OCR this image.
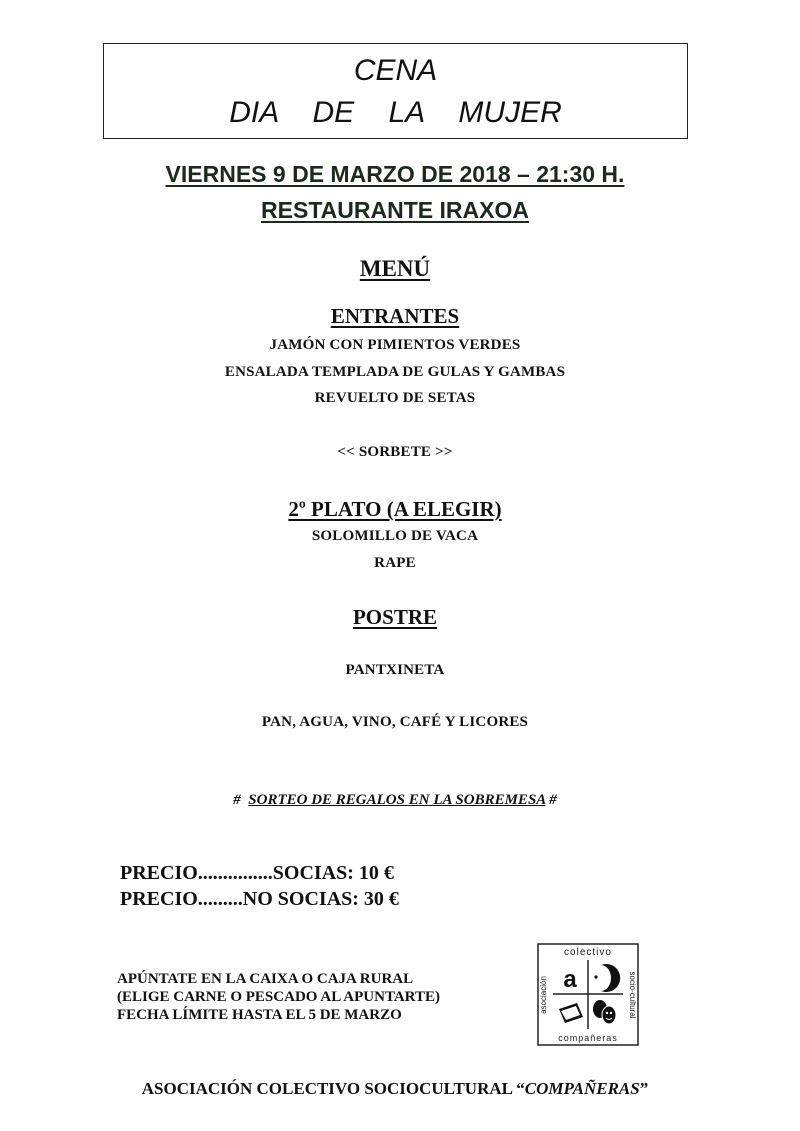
CENA
DIA DE LA MUJER
VIERNES 9 DE MARZO DE 2018 – 21:30 H.
RESTAURANTE IRAXOA
MENÚ
ENTRANTES
JAMÓN CON PIMIENTOS VERDES
ENSALADA TEMPLADA DE GULAS Y GAMBAS
REVUELTO DE SETAS
<< SORBETE >>
2º PLATO (A ELEGIR)
SOLOMILLO DE VACA
RAPE
POSTRE
PANTXINETA
PAN, AGUA, VINO, CAFÉ Y LICORES
# SORTEO DE REGALOS EN LA SOBREMESA #
PRECIO...............SOCIAS: 10 €
PRECIO.........NO SOCIAS: 30 €
APÚNTATE EN LA CAIXA O CAJA RURAL
(ELIGE CARNE O PESCADO AL APUNTARTE)
FECHA LÍMITE HASTA EL 5 DE MARZO
colectivo
compañeras
asociación	socio-cultural
a
ASOCIACIÓN COLECTIVO SOCIOCULTURAL “COMPAÑERAS”
